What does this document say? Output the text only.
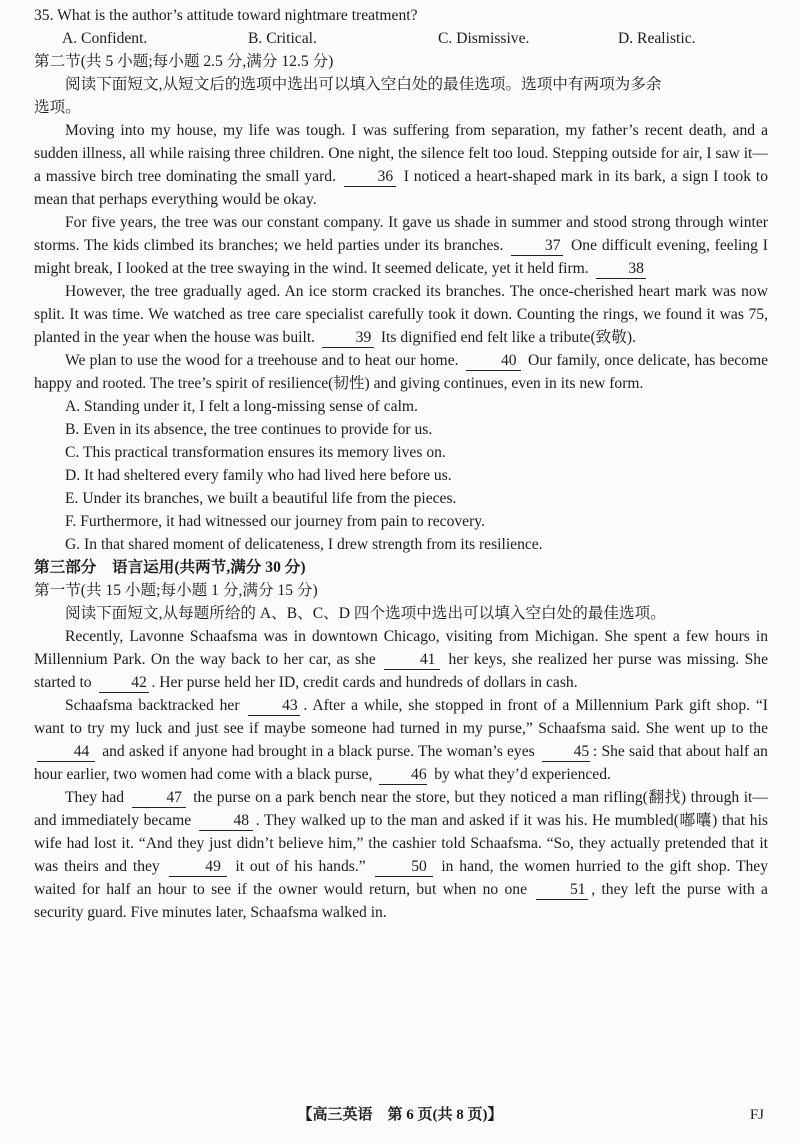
35. What is the author’s attitude toward nightmare treatment?

A. Confident.	B. Critical.	C. Dismissive.	D. Realistic.

第二节(共 5 小题;每小题 2.5 分,满分 12.5 分)

阅读下面短文,从短文后的选项中选出可以填入空白处的最佳选项。选项中有两项为多余

选项。

Moving into my house, my life was tough. I was suffering from separation, my father’s recent death, and a sudden illness, all while raising three children. One night, the silence felt too loud. Stepping outside for air, I saw it—a massive birch tree dominating the small yard.	36 I noticed a heart-shaped mark in its bark, a sign I took to mean that perhaps everything would be okay.

For five years, the tree was our constant company. It gave us shade in summer and stood strong through winter storms. The kids climbed its branches; we held parties under its branches.	37 One difficult evening, feeling I might break, I looked at the tree swaying in the wind. It seemed delicate, yet it held firm.	38

However, the tree gradually aged. An ice storm cracked its branches. The once-cherished heart mark was now split. It was time. We watched as tree care specialist carefully took it down. Counting the rings, we found it was 75, planted in the year when the house was built.	39 Its dignified end felt like a tribute(致敬).

We plan to use the wood for a treehouse and to heat our home.	40 Our family, once delicate, has become happy and rooted. The tree’s spirit of resilience(韧性) and giving continues, even in its new form.

A. Standing under it, I felt a long-missing sense of calm.

B. Even in its absence, the tree continues to provide for us.

C. This practical transformation ensures its memory lives on.

D. It had sheltered every family who had lived here before us.

E. Under its branches, we built a beautiful life from the pieces.

F. Furthermore, it had witnessed our journey from pain to recovery.

G. In that shared moment of delicateness, I drew strength from its resilience.

第三部分　语言运用(共两节,满分 30 分)

第一节(共 15 小题;每小题 1 分,满分 15 分)

阅读下面短文,从每题所给的 A、B、C、D 四个选项中选出可以填入空白处的最佳选项。

Recently, Lavonne Schaafsma was in downtown Chicago, visiting from Michigan. She spent a few hours in Millennium Park. On the way back to her car, as she	41 her keys, she realized her purse was missing. She started to	42 . Her purse held her ID, credit cards and hundreds of dollars in cash.

Schaafsma backtracked her	43 . After a while, she stopped in front of a Millennium Park gift shop. “I want to try my luck and just see if maybe someone had turned in my purse,” Schaafsma said. She went up to the 44 and asked if anyone had brought in a black purse. The woman’s eyes 45 : She said that about half an hour earlier, two women had come with a black purse, 46 by what they’d experienced.

They had	47 the purse on a park bench near the store, but they noticed a man rifling(翻找) through it—and immediately became	48 . They walked up to the man and asked if it was his. He mumbled(嘟囔) that his wife had lost it. “And they just didn’t believe him,” the cashier told Schaafsma. “So, they actually pretended that it was theirs and they	49 it out of his hands.”	50 in hand, the women hurried to the gift shop. They waited for half an hour to see if the owner would return, but when no one	51 , they left the purse with a security guard. Five minutes later, Schaafsma walked in.

【高三英语　第 6 页(共 8 页)】	FJ
